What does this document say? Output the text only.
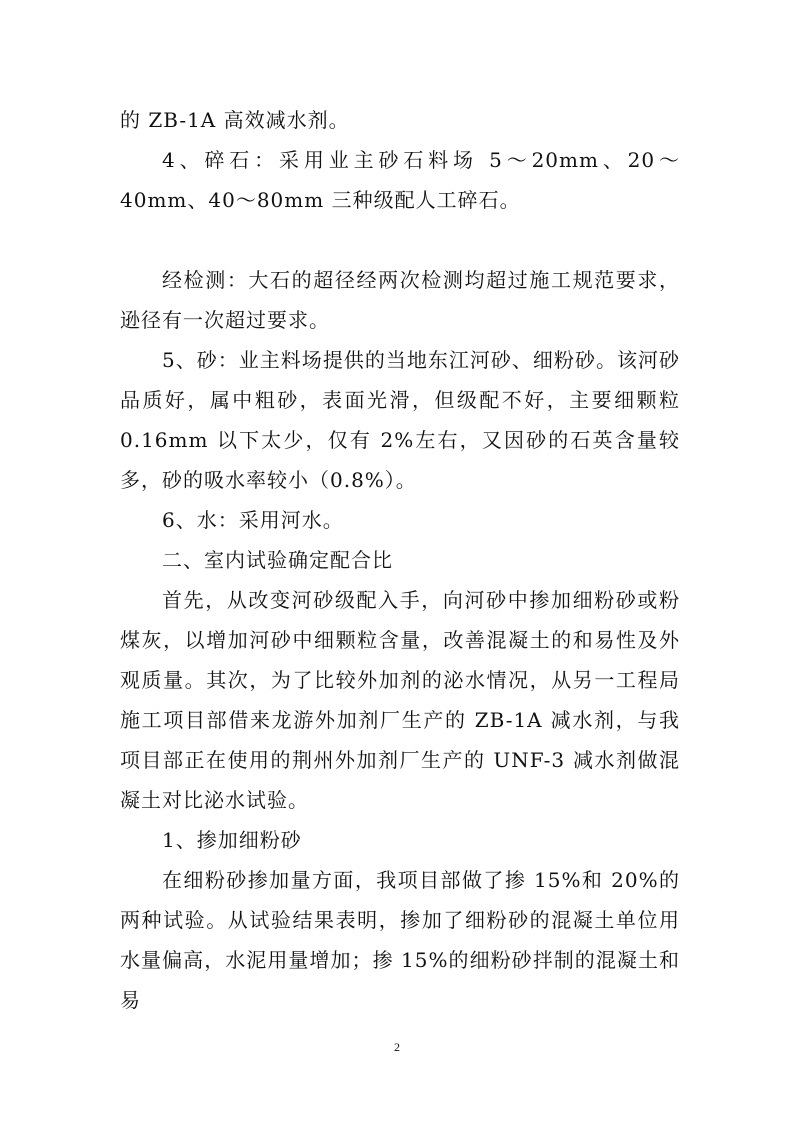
的 ZB-1A 高效减水剂。

4、碎石：采用业主砂石料场 5～20mm、20～40mm、40～80mm 三种级配人工碎石。

经检测：大石的超径经两次检测均超过施工规范要求，逊径有一次超过要求。

5、砂：业主料场提供的当地东江河砂、细粉砂。该河砂品质好，属中粗砂，表面光滑，但级配不好，主要细颗粒 0.16mm 以下太少，仅有 2%左右，又因砂的石英含量较多，砂的吸水率较小（0.8%）。

6、水：采用河水。

二、室内试验确定配合比

首先，从改变河砂级配入手，向河砂中掺加细粉砂或粉煤灰，以增加河砂中细颗粒含量，改善混凝土的和易性及外观质量。其次，为了比较外加剂的泌水情况，从另一工程局施工项目部借来龙游外加剂厂生产的 ZB-1A 减水剂，与我项目部正在使用的荆州外加剂厂生产的 UNF-3 减水剂做混凝土对比泌水试验。

1、掺加细粉砂

在细粉砂掺加量方面，我项目部做了掺 15%和 20%的两种试验。从试验结果表明，掺加了细粉砂的混凝土单位用水量偏高，水泥用量增加；掺 15%的细粉砂拌制的混凝土和易

2
